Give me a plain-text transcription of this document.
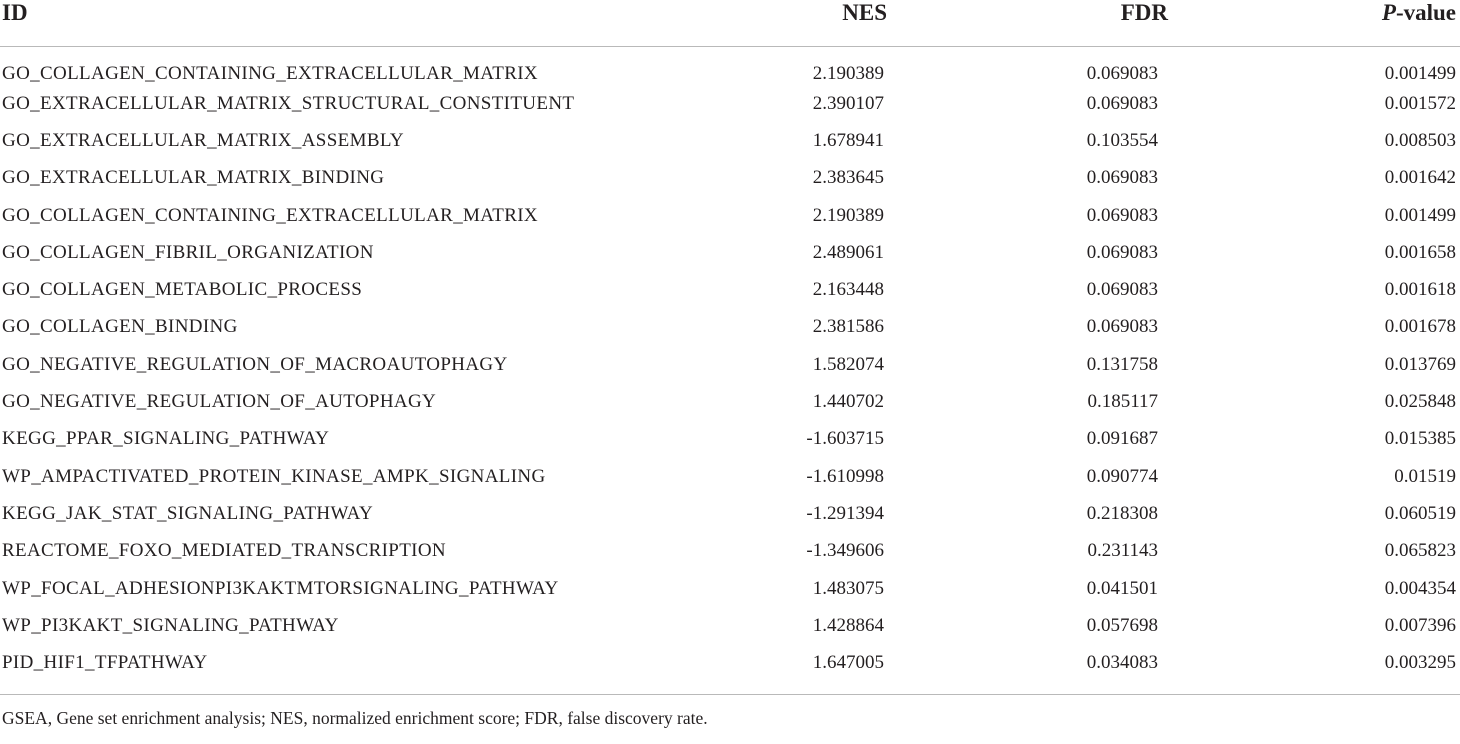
ID	NES	FDR	P-value

GO_COLLAGEN_CONTAINING_EXTRACELLULAR_MATRIX	2.190389	0.069083	0.001499
GO_EXTRACELLULAR_MATRIX_STRUCTURAL_CONSTITUENT	2.390107	0.069083	0.001572
GO_EXTRACELLULAR_MATRIX_ASSEMBLY	1.678941	0.103554	0.008503
GO_EXTRACELLULAR_MATRIX_BINDING	2.383645	0.069083	0.001642
GO_COLLAGEN_CONTAINING_EXTRACELLULAR_MATRIX	2.190389	0.069083	0.001499
GO_COLLAGEN_FIBRIL_ORGANIZATION	2.489061	0.069083	0.001658
GO_COLLAGEN_METABOLIC_PROCESS	2.163448	0.069083	0.001618
GO_COLLAGEN_BINDING	2.381586	0.069083	0.001678
GO_NEGATIVE_REGULATION_OF_MACROAUTOPHAGY	1.582074	0.131758	0.013769
GO_NEGATIVE_REGULATION_OF_AUTOPHAGY	1.440702	0.185117	0.025848
KEGG_PPAR_SIGNALING_PATHWAY	-1.603715	0.091687	0.015385
WP_AMPACTIVATED_PROTEIN_KINASE_AMPK_SIGNALING	-1.610998	0.090774	0.01519
KEGG_JAK_STAT_SIGNALING_PATHWAY	-1.291394	0.218308	0.060519
REACTOME_FOXO_MEDIATED_TRANSCRIPTION	-1.349606	0.231143	0.065823
WP_FOCAL_ADHESIONPI3KAKTMTORSIGNALING_PATHWAY	1.483075	0.041501	0.004354
WP_PI3KAKT_SIGNALING_PATHWAY	1.428864	0.057698	0.007396
PID_HIF1_TFPATHWAY	1.647005	0.034083	0.003295
GSEA, Gene set enrichment analysis; NES, normalized enrichment score; FDR, false discovery rate.
